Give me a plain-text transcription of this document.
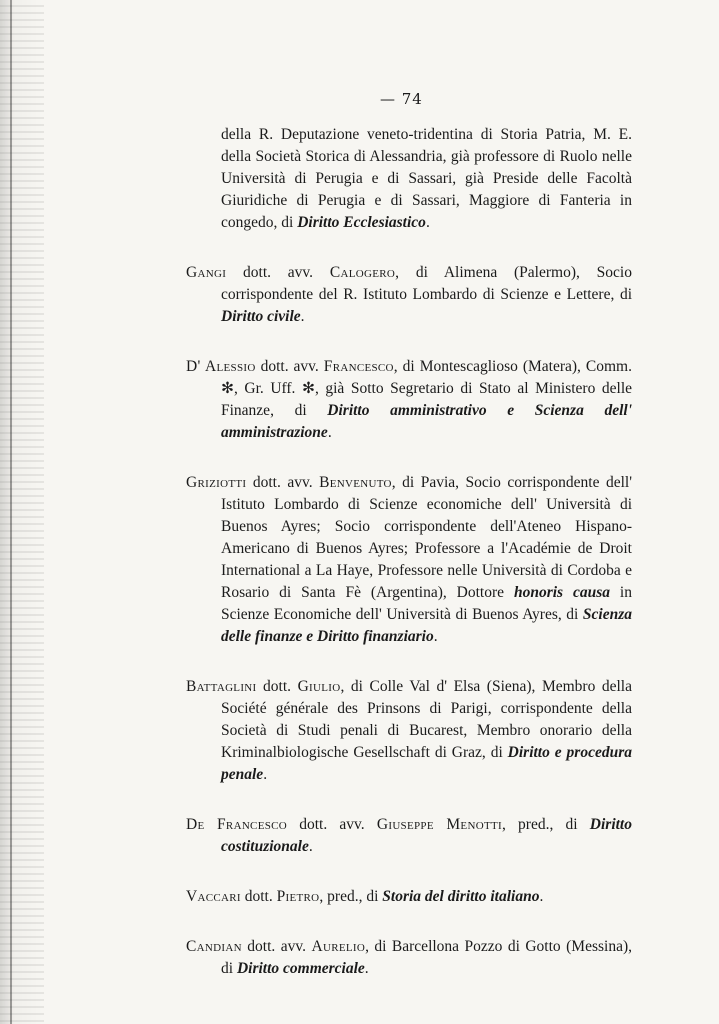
— 74

della R. Deputazione veneto-tridentina di Storia Patria, M. E. della Società Storica di Alessandria, già professore di Ruolo nelle Università di Perugia e di Sassari, già Preside delle Facoltà Giuridiche di Perugia e di Sassari, Maggiore di Fanteria in congedo, di Diritto Ecclesiastico.

Gangi dott. avv. Calogero, di Alimena (Palermo), Socio corrispondente del R. Istituto Lombardo di Scienze e Lettere, di Diritto civile.

D' Alessio dott. avv. Francesco, di Montescaglioso (Matera), Comm. ✻, Gr. Uff. ✻, già Sotto Segretario di Stato al Ministero delle Finanze, di Diritto amministrativo e Scienza dell' amministrazione.

Griziotti dott. avv. Benvenuto, di Pavia, Socio corrispondente dell' Istituto Lombardo di Scienze economiche dell' Università di Buenos Ayres; Socio corrispondente dell'Ateneo Hispano-Americano di Buenos Ayres; Professore a l'Académie de Droit International a La Haye, Professore nelle Università di Cordoba e Rosario di Santa Fè (Argentina), Dottore honoris causa in Scienze Economiche dell' Università di Buenos Ayres, di Scienza delle finanze e Diritto finanziario.

Battaglini dott. Giulio, di Colle Val d' Elsa (Siena), Membro della Société générale des Prinsons di Parigi, corrispondente della Società di Studi penali di Bucarest, Membro onorario della Kriminalbiologische Gesellschaft di Graz, di Diritto e procedura penale.

De Francesco dott. avv. Giuseppe Menotti, pred., di Diritto costituzionale.

Vaccari dott. Pietro, pred., di Storia del diritto italiano.

Candian dott. avv. Aurelio, di Barcellona Pozzo di Gotto (Messina), di Diritto commerciale.
